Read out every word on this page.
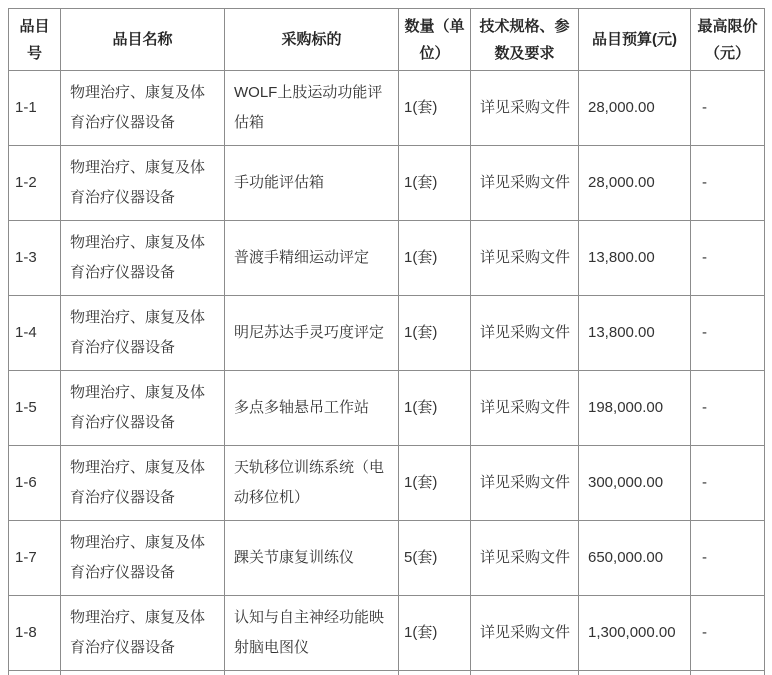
品目号	品目名称	采购标的	数量（单位）	技术规格、参数及要求	品目预算(元)	最高限价（元）
1-1	物理治疗、康复及体育治疗仪器设备	WOLF上肢运动功能评估箱	1(套)	详见采购文件	28,000.00	-
1-2	物理治疗、康复及体育治疗仪器设备	手功能评估箱	1(套)	详见采购文件	28,000.00	-
1-3	物理治疗、康复及体育治疗仪器设备	普渡手精细运动评定	1(套)	详见采购文件	13,800.00	-
1-4	物理治疗、康复及体育治疗仪器设备	明尼苏达手灵巧度评定	1(套)	详见采购文件	13,800.00	-
1-5	物理治疗、康复及体育治疗仪器设备	多点多轴悬吊工作站	1(套)	详见采购文件	198,000.00	-
1-6	物理治疗、康复及体育治疗仪器设备	天轨移位训练系统（电动移位机）	1(套)	详见采购文件	300,000.00	-
1-7	物理治疗、康复及体育治疗仪器设备	踝关节康复训练仪	5(套)	详见采购文件	650,000.00	-
1-8	物理治疗、康复及体育治疗仪器设备	认知与自主神经功能映射脑电图仪	1(套)	详见采购文件	1,300,000.00	-
